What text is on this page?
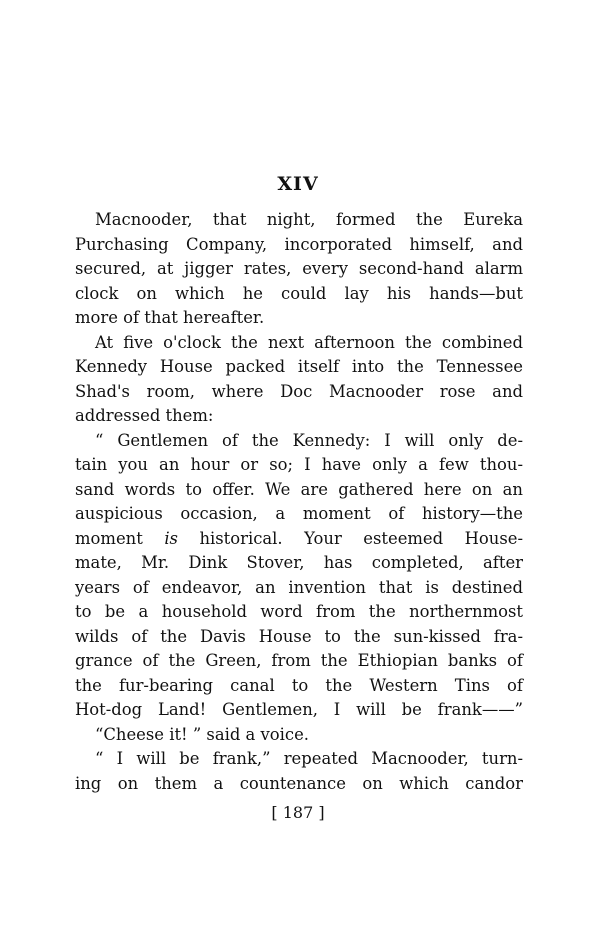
XIV
Macnooder, that night, formed the Eureka
Purchasing Company, incorporated himself, and
secured, at jigger rates, every second-hand alarm
clock on which he could lay his hands—but
more of that hereafter.
At five o'clock the next afternoon the combined
Kennedy House packed itself into the Tennessee
Shad's room, where Doc Macnooder rose and
addressed them:
“ Gentlemen of the Kennedy: I will only de-
tain you an hour or so; I have only a few thou-
sand words to offer. We are gathered here on an
auspicious occasion, a moment of history—the
moment is historical. Your esteemed House-
mate, Mr. Dink Stover, has completed, after
years of endeavor, an invention that is destined
to be a household word from the northernmost
wilds of the Davis House to the sun-kissed fra-
grance of the Green, from the Ethiopian banks of
the fur-bearing canal to the Western Tins of
Hot-dog Land! Gentlemen, I will be frank——”
“Cheese it! ” said a voice.
“ I will be frank,” repeated Macnooder, turn-
ing on them a countenance on which candor
[ 187 ]
